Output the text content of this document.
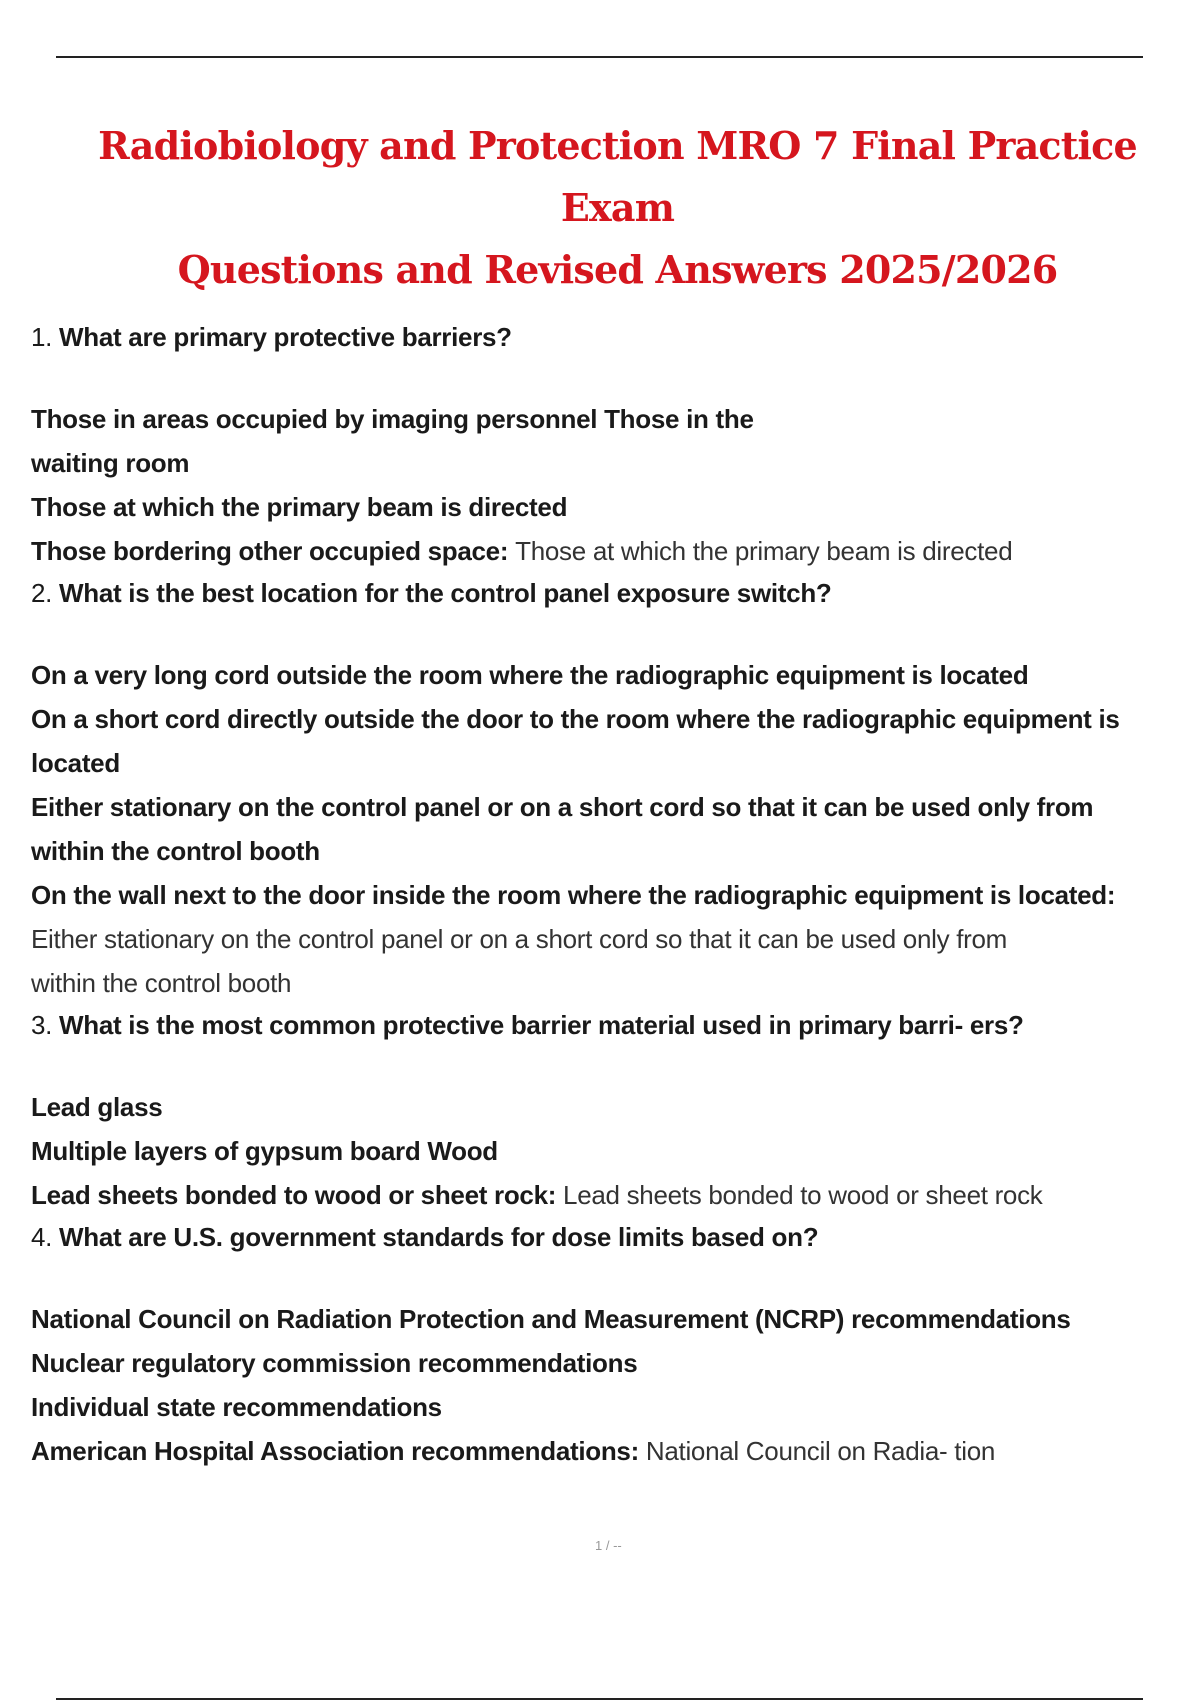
Radiobiology and Protection MRO 7 Final Practice Exam
Questions and Revised Answers 2025/2026
1. What are primary protective barriers?
Those in areas occupied by imaging personnel Those in the
waiting room
Those at which the primary beam is directed
Those bordering other occupied space: Those at which the primary beam is directed
2. What is the best location for the control panel exposure switch?
On a very long cord outside the room where the radiographic equipment is located
On a short cord directly outside the door to the room where the radiographic equipment is
located
Either stationary on the control panel or on a short cord so that it can be used only from
within the control booth
On the wall next to the door inside the room where the radiographic equipment is located:
Either stationary on the control panel or on a short cord so that it can be used only from
within the control booth
3. What is the most common protective barrier material used in primary barri- ers?
Lead glass
Multiple layers of gypsum board Wood
Lead sheets bonded to wood or sheet rock: Lead sheets bonded to wood or sheet rock
4. What are U.S. government standards for dose limits based on?
National Council on Radiation Protection and Measurement (NCRP) recommendations
Nuclear regulatory commission recommendations
Individual state recommendations
American Hospital Association recommendations: National Council on Radia- tion
1 / --
